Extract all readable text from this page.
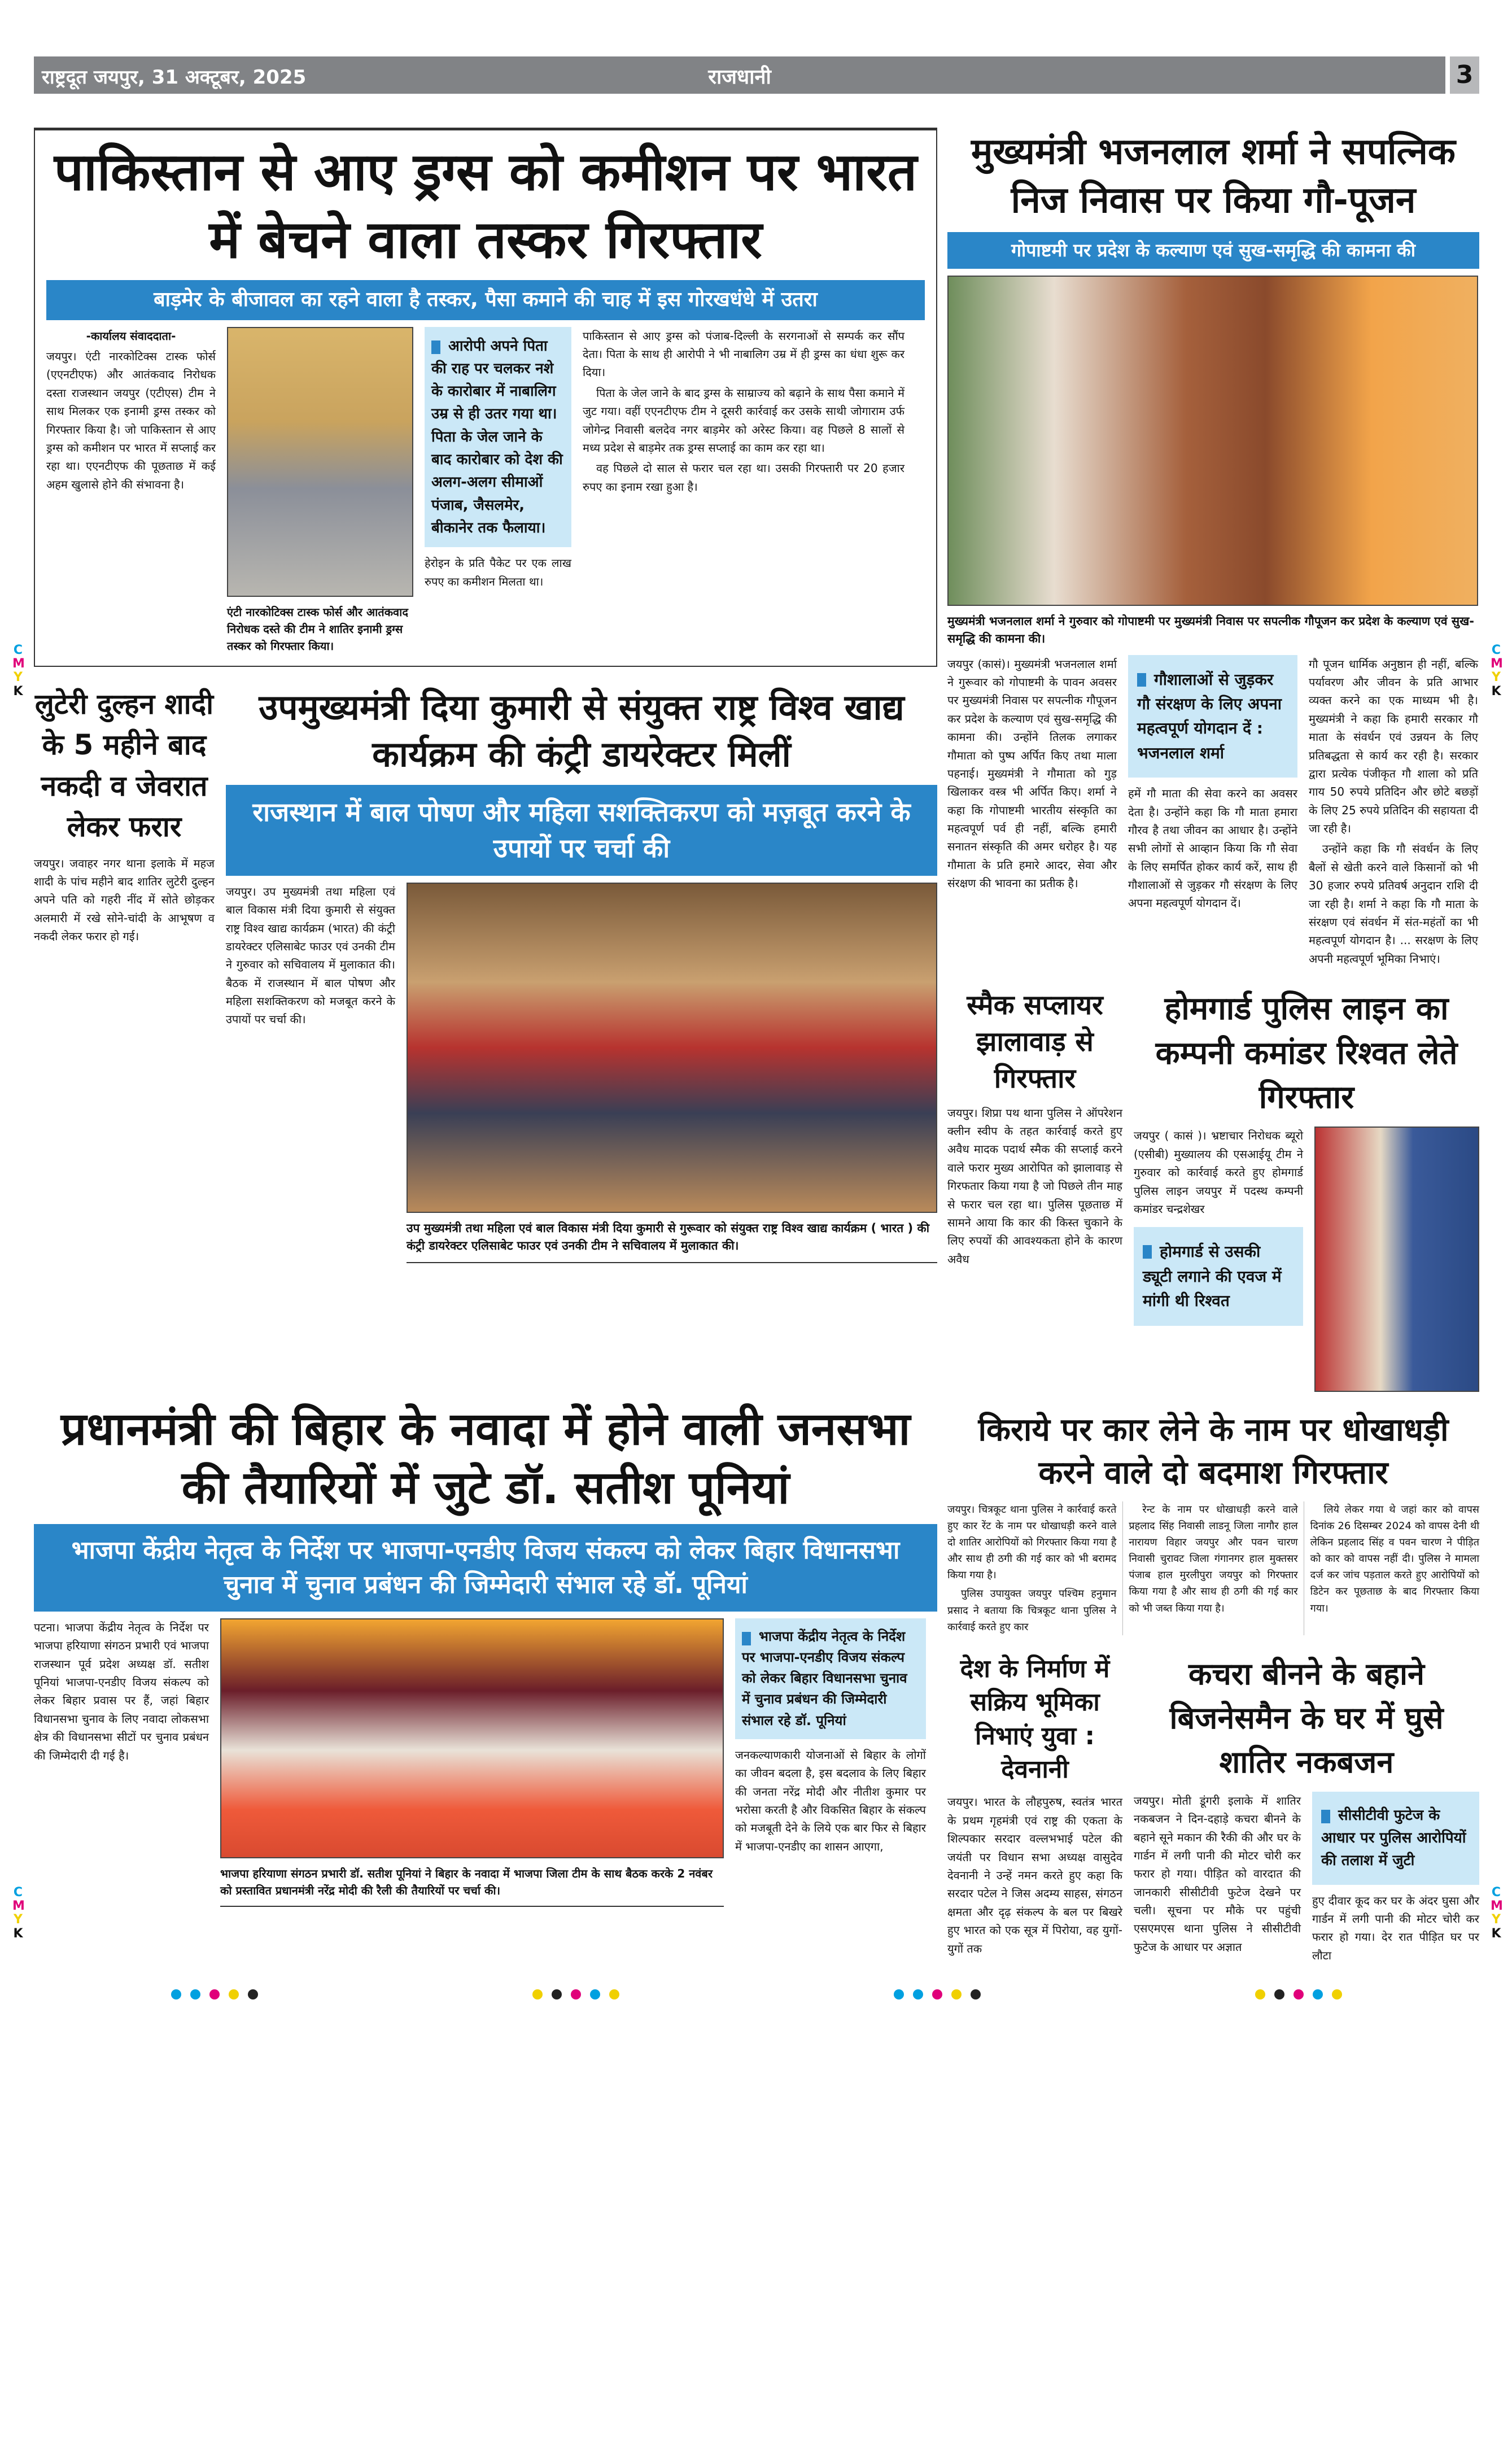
राष्ट्रदूत जयपुर, 31 अक्टूबर, 2025	राजधानी	3
पाकिस्तान से आए ड्रग्स को कमीशन पर भारत में बेचने वाला तस्कर गिरफ्तार
बाड़मेर के बीजावल का रहने वाला है तस्कर, पैसा कमाने की चाह में इस गोरखधंधे में उतरा

-कार्यालय संवाददाता-

जयपुर। एंटी नारकोटिक्स टास्क फोर्स (एएनटीएफ) और आतंकवाद निरोधक दस्ता राजस्थान जयपुर (एटीएस) टीम ने साथ मिलकर एक इनामी ड्रग्स तस्कर को गिरफ्तार किया है। जो पाकिस्तान से आए ड्रग्स को कमीशन पर भारत में सप्लाई कर रहा था। एएनटीएफ की पूछताछ में कई अहम खुलासे होने की संभावना है।

एंटी नारकोटिक्स टास्क फोर्स और आतंकवाद निरोधक दस्ते की टीम ने शातिर इनामी ड्रग्स तस्कर को गिरफ्तार किया।
आरोपी अपने पिता की राह पर चलकर नशे के कारोबार में नाबालिग उम्र से ही उतर गया था। पिता के जेल जाने के बाद कारोबार को देश की अलग-अलग सीमाओं पंजाब, जैसलमेर, बीकानेर तक फैलाया।

हेरोइन के प्रति पैकेट पर एक लाख रुपए का कमीशन मिलता था।

पाकिस्तान से आए ड्रग्स को पंजाब-दिल्ली के सरगनाओं से सम्पर्क कर सौंप देता। पिता के साथ ही आरोपी ने भी नाबालिग उम्र में ही ड्रग्स का धंधा शुरू कर दिया।

पिता के जेल जाने के बाद ड्रग्स के साम्राज्य को बढ़ाने के साथ पैसा कमाने में जुट गया। वहीं एएनटीएफ टीम ने दूसरी कार्रवाई कर उसके साथी जोगाराम उर्फ जोगेन्द्र निवासी बलदेव नगर बाड़मेर को अरेस्ट किया। वह पिछले 8 सालों से मध्य प्रदेश से बाड़मेर तक ड्रग्स सप्लाई का काम कर रहा था।

वह पिछले दो साल से फरार चल रहा था। उसकी गिरफ्तारी पर 20 हजार रुपए का इनाम रखा हुआ है।

लुटेरी दुल्हन शादी के 5 महीने बाद नकदी व जेवरात लेकर फरार

जयपुर। जवाहर नगर थाना इलाके में महज शादी के पांच महीने बाद शातिर लुटेरी दुल्हन अपने पति को गहरी नींद में सोते छोड़कर अलमारी में रखे सोने-चांदी के आभूषण व नकदी लेकर फरार हो गई।

उपमुख्यमंत्री दिया कुमारी से संयुक्त राष्ट्र विश्व खाद्य कार्यक्रम की कंट्री डायरेक्टर मिलीं
राजस्थान में बाल पोषण और महिला सशक्तिकरण को मज़बूत करने के उपायों पर चर्चा की

जयपुर। उप मुख्यमंत्री तथा महिला एवं बाल विकास मंत्री दिया कुमारी से संयुक्त राष्ट्र विश्व खाद्य कार्यक्रम (भारत) की कंट्री डायरेक्टर एलिसाबेट फाउर एवं उनकी टीम ने गुरुवार को सचिवालय में मुलाकात की। बैठक में राजस्थान में बाल पोषण और महिला सशक्तिकरण को मजबूत करने के उपायों पर चर्चा की।

उप मुख्यमंत्री तथा महिला एवं बाल विकास मंत्री दिया कुमारी से गुरूवार को संयुक्त राष्ट्र विश्व खाद्य कार्यक्रम ( भारत ) की कंट्री डायरेक्टर एलिसाबेट फाउर एवं उनकी टीम ने सचिवालय में मुलाकात की।
प्रधानमंत्री की बिहार के नवादा में होने वाली जनसभा की तैयारियों में जुटे डॉ. सतीश पूनियां
भाजपा केंद्रीय नेतृत्व के निर्देश पर भाजपा-एनडीए विजय संकल्प को लेकर बिहार विधानसभा चुनाव में चुनाव प्रबंधन की जिम्मेदारी संभाल रहे डॉ. पूनियां

पटना। भाजपा केंद्रीय नेतृत्व के निर्देश पर भाजपा हरियाणा संगठन प्रभारी एवं भाजपा राजस्थान पूर्व प्रदेश अध्यक्ष डॉ. सतीश पूनियां भाजपा-एनडीए विजय संकल्प को लेकर बिहार प्रवास पर हैं, जहां बिहार विधानसभा चुनाव के लिए नवादा लोकसभा क्षेत्र की विधानसभा सीटों पर चुनाव प्रबंधन की जिम्मेदारी दी गई है।

भाजपा हरियाणा संगठन प्रभारी डॉ. सतीश पूनियां ने बिहार के नवादा में भाजपा जिला टीम के साथ बैठक करके 2 नवंबर को प्रस्तावित प्रधानमंत्री नरेंद्र मोदी की रैली की तैयारियों पर चर्चा की।
भाजपा केंद्रीय नेतृत्व के निर्देश पर भाजपा-एनडीए विजय संकल्प को लेकर बिहार विधानसभा चुनाव में चुनाव प्रबंधन की जिम्मेदारी संभाल रहे डॉ. पूनियां

जनकल्याणकारी योजनाओं से बिहार के लोगों का जीवन बदला है, इस बदलाव के लिए बिहार की जनता नरेंद्र मोदी और नीतीश कुमार पर भरोसा करती है और विकसित बिहार के संकल्प को मजबूती देने के लिये एक बार फिर से बिहार में भाजपा-एनडीए का शासन आएगा,

मुख्यमंत्री भजनलाल शर्मा ने सपत्निक निज निवास पर किया गौ-पूजन
गोपाष्टमी पर प्रदेश के कल्याण एवं सुख-समृद्धि की कामना की
मुख्यमंत्री भजनलाल शर्मा ने गुरुवार को गोपाष्टमी पर मुख्यमंत्री निवास पर सपत्नीक गौपूजन कर प्रदेश के कल्याण एवं सुख-समृद्धि की कामना की।

जयपुर (कासं)। मुख्यमंत्री भजनलाल शर्मा ने गुरूवार को गोपाष्टमी के पावन अवसर पर मुख्यमंत्री निवास पर सपत्नीक गौपूजन कर प्रदेश के कल्याण एवं सुख-समृद्धि की कामना की। उन्होंने तिलक लगाकर गौमाता को पुष्प अर्पित किए तथा माला पहनाई। मुख्यमंत्री ने गौमाता को गुड़ खिलाकर वस्त्र भी अर्पित किए। शर्मा ने कहा कि गोपाष्टमी भारतीय संस्कृति का महत्वपूर्ण पर्व ही नहीं, बल्कि हमारी सनातन संस्कृति की अमर धरोहर है। यह गौमाता के प्रति हमारे आदर, सेवा और संरक्षण की भावना का प्रतीक है।

गौशालाओं से जुड़कर गौ संरक्षण के लिए अपना महत्वपूर्ण योगदान दें : भजनलाल शर्मा

हमें गौ माता की सेवा करने का अवसर देता है। उन्होंने कहा कि गौ माता हमारा गौरव है तथा जीवन का आधार है। उन्होंने सभी लोगों से आव्हान किया कि गौ सेवा के लिए समर्पित होकर कार्य करें, साथ ही गौशालाओं से जुड़कर गौ संरक्षण के लिए अपना महत्वपूर्ण योगदान दें।

गौ पूजन धार्मिक अनुष्ठान ही नहीं, बल्कि पर्यावरण और जीवन के प्रति आभार व्यक्त करने का एक माध्यम भी है। मुख्यमंत्री ने कहा कि हमारी सरकार गौ माता के संवर्धन एवं उन्नयन के लिए प्रतिबद्धता से कार्य कर रही है। सरकार द्वारा प्रत्येक पंजीकृत गौ शाला को प्रति गाय 50 रुपये प्रतिदिन और छोटे बछड़ों के लिए 25 रुपये प्रतिदिन की सहायता दी जा रही है।

उन्होंने कहा कि गौ संवर्धन के लिए बैलों से खेती करने वाले किसानों को भी 30 हजार रुपये प्रतिवर्ष अनुदान राशि दी जा रही है। शर्मा ने कहा कि गौ माता के संरक्षण एवं संवर्धन में संत-महंतों का भी महत्वपूर्ण योगदान है। ... सरक्षण के लिए अपनी महत्वपूर्ण भूमिका निभाएं।

स्मैक सप्लायर झालावाड़ से गिरफ्तार

जयपुर। शिप्रा पथ थाना पुलिस ने ऑपरेशन क्लीन स्वीप के तहत कार्रवाई करते हुए अवैध मादक पदार्थ स्मैक की सप्लाई करने वाले फरार मुख्य आरोपित को झालावाड़ से गिरफतार किया गया है जो पिछले तीन माह से फरार चल रहा था। पुलिस पूछताछ में सामने आया कि कार की किस्त चुकाने के लिए रुपयों की आवश्यकता होने के कारण अवैध

होमगार्ड पुलिस लाइन का कम्पनी कमांडर रिश्वत लेते गिरफ्तार

जयपुर ( कासं )। भ्रष्टाचार निरोधक ब्यूरो (एसीबी) मुख्यालय की एसआईयू टीम ने गुरुवार को कार्रवाई करते हुए होमगार्ड पुलिस लाइन जयपुर में पदस्थ कम्पनी कमांडर चन्द्रशेखर

होमगार्ड से उसकी ड्यूटी लगाने की एवज में मांगी थी रिश्वत
किराये पर कार लेने के नाम पर धोखाधड़ी करने वाले दो बदमाश गिरफ्तार

जयपुर। चित्रकूट थाना पुलिस ने कार्रवाई करते हुए कार रेंट के नाम पर धोखाधड़ी करने वाले दो शातिर आरोपियों को गिरफ्तार किया गया है और साथ ही ठगी की गई कार को भी बरामद किया गया है।

पुलिस उपायुक्त जयपुर पश्चिम हनुमान प्रसाद ने बताया कि चित्रकूट थाना पुलिस ने कार्रवाई करते हुए कार

रेन्ट के नाम पर धोखाधड़ी करने वाले प्रहलाद सिंह निवासी लाडनू जिला नागौर हाल नारायण विहार जयपुर और पवन चारण निवासी चुरावट जिला गंगानगर हाल मुक्तसर पंजाब हाल मुरलीपुरा जयपुर को गिरफ्तार किया गया है और साथ ही ठगी की गई कार को भी जब्त किया गया है।

लिये लेकर गया थे जहां कार को वापस दिनांक 26 दिसम्बर 2024 को वापस देनी थी लेकिन प्रहलाद सिंह व पवन चारण ने पीड़ित को कार को वापस नहीं दी। पुलिस ने मामला दर्ज कर जांच पड़ताल करते हुए आरोपियों को डिटेन कर पूछताछ के बाद गिरफ्तार किया गया।

देश के निर्माण में सक्रिय भूमिका निभाएं युवा : देवनानी

जयपुर। भारत के लौहपुरुष, स्वतंत्र भारत के प्रथम गृहमंत्री एवं राष्ट्र की एकता के शिल्पकार सरदार वल्लभभाई पटेल की जयंती पर विधान सभा अध्यक्ष वासुदेव देवनानी ने उन्हें नमन करते हुए कहा कि सरदार पटेल ने जिस अदम्य साहस, संगठन क्षमता और दृढ़ संकल्प के बल पर बिखरे हुए भारत को एक सूत्र में पिरोया, वह युगों-युगों तक

कचरा बीनने के बहाने बिजनेसमैन के घर में घुसे शातिर नकबजन

जयपुर। मोती डूंगरी इलाके में शातिर नकबजन ने दिन-दहाड़े कचरा बीनने के बहाने सूने मकान की रैकी की और घर के गार्डन में लगी पानी की मोटर चोरी कर फरार हो गया। पीड़ित को वारदात की जानकारी सीसीटीवी फुटेज देखने पर चली। सूचना पर मौके पर पहुंची एसएमएस थाना पुलिस ने सीसीटीवी फुटेज के आधार पर अज्ञात

सीसीटीवी फुटेज के आधार पर पुलिस आरोपियों की तलाश में जुटी

हुए दीवार कूद कर घर के अंदर घुसा और गार्डन में लगी पानी की मोटर चोरी कर फरार हो गया। देर रात पीड़ित घर पर लौटा

C
M
Y
K
C
M
Y
K
C
M
Y
K
C
M
Y
K
